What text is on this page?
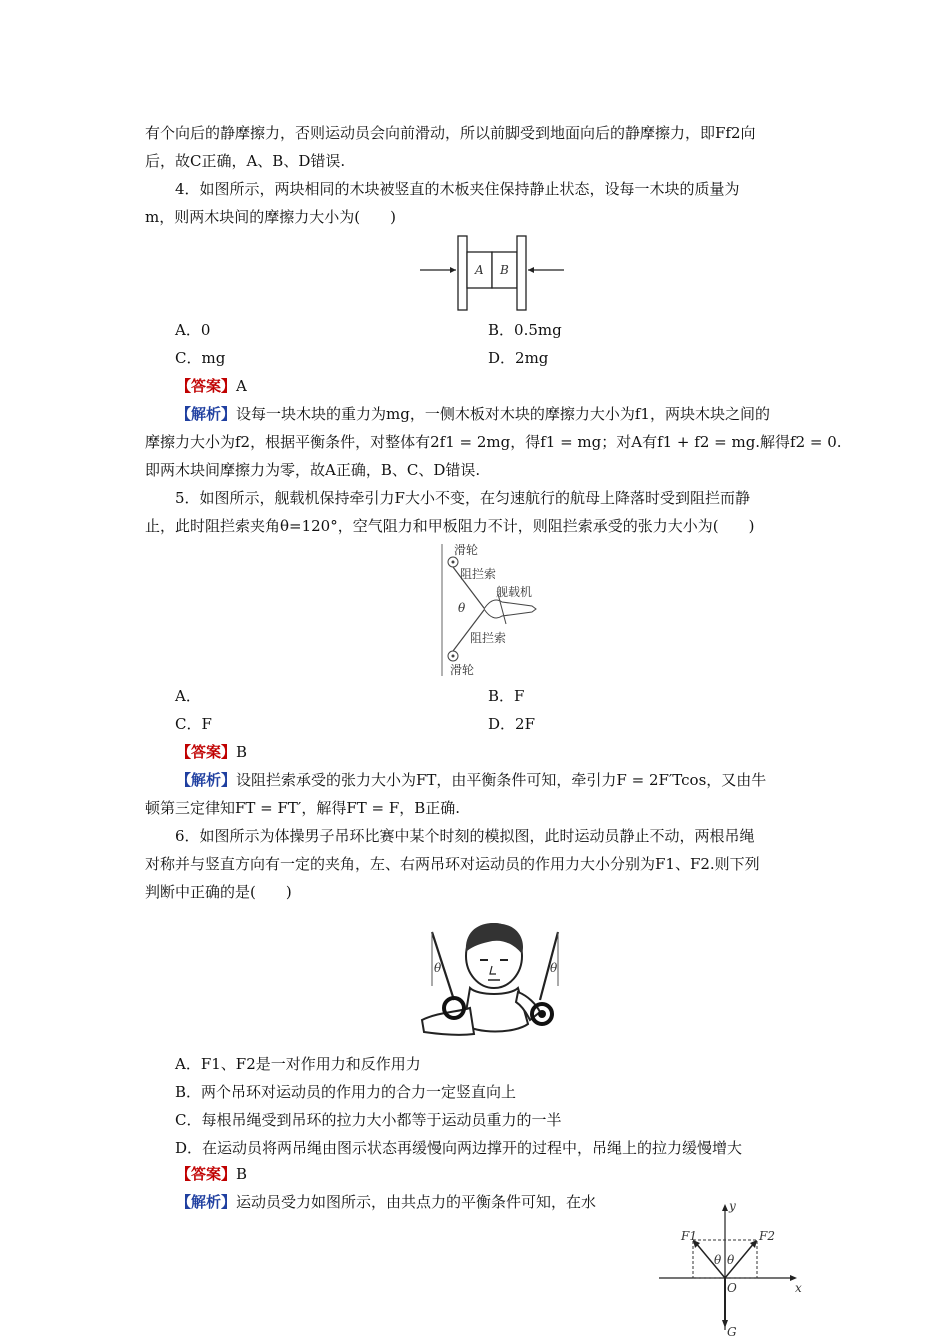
有个向后的静摩擦力，否则运动员会向前滑动，所以前脚受到地面向后的静摩擦力，即Ff2向
后，故C正确，A、B、D错误.
4．如图所示，两块相同的木块被竖直的木板夹住保持静止状态，设每一木块的质量为
m，则两木块间的摩擦力大小为(　　)
A B
A．0	B．0.5mg
C．mg	D．2mg
【答案】A
【解析】设每一块木块的重力为mg，一侧木板对木块的摩擦力大小为f1，两块木块之间的
摩擦力大小为f2，根据平衡条件，对整体有2f1 = 2mg，得f1 = mg；对A有f1 + f2 = mg.解得f2 = 0.
即两木块间摩擦力为零，故A正确，B、C、D错误.
5．如图所示，舰载机保持牵引力F大小不变，在匀速航行的航母上降落时受到阻拦而静
止，此时阻拦索夹角θ=120°，空气阻力和甲板阻力不计，则阻拦索承受的张力大小为(　　)
滑轮
阻拦索
舰载机
θ
阻拦索
滑轮
A．	B．F
C．F	D．2F
【答案】B
【解析】设阻拦索承受的张力大小为FT，由平衡条件可知，牵引力F = 2F′Tcos，又由牛
顿第三定律知FT = FT′，解得FT = F，B正确.
6．如图所示为体操男子吊环比赛中某个时刻的模拟图，此时运动员静止不动，两根吊绳
对称并与竖直方向有一定的夹角，左、右两吊环对运动员的作用力大小分别为F1、F2.则下列
判断中正确的是(　　)
θ	θ
A．F1、F2是一对作用力和反作用力
B．两个吊环对运动员的作用力的合力一定竖直向上
C．每根吊绳受到吊环的拉力大小都等于运动员重力的一半
D．在运动员将两吊绳由图示状态再缓慢向两边撑开的过程中，吊绳上的拉力缓慢增大
【答案】B
【解析】运动员受力如图所示，由共点力的平衡条件可知，在水	y
x
O
G
F1	F2
θ θ
